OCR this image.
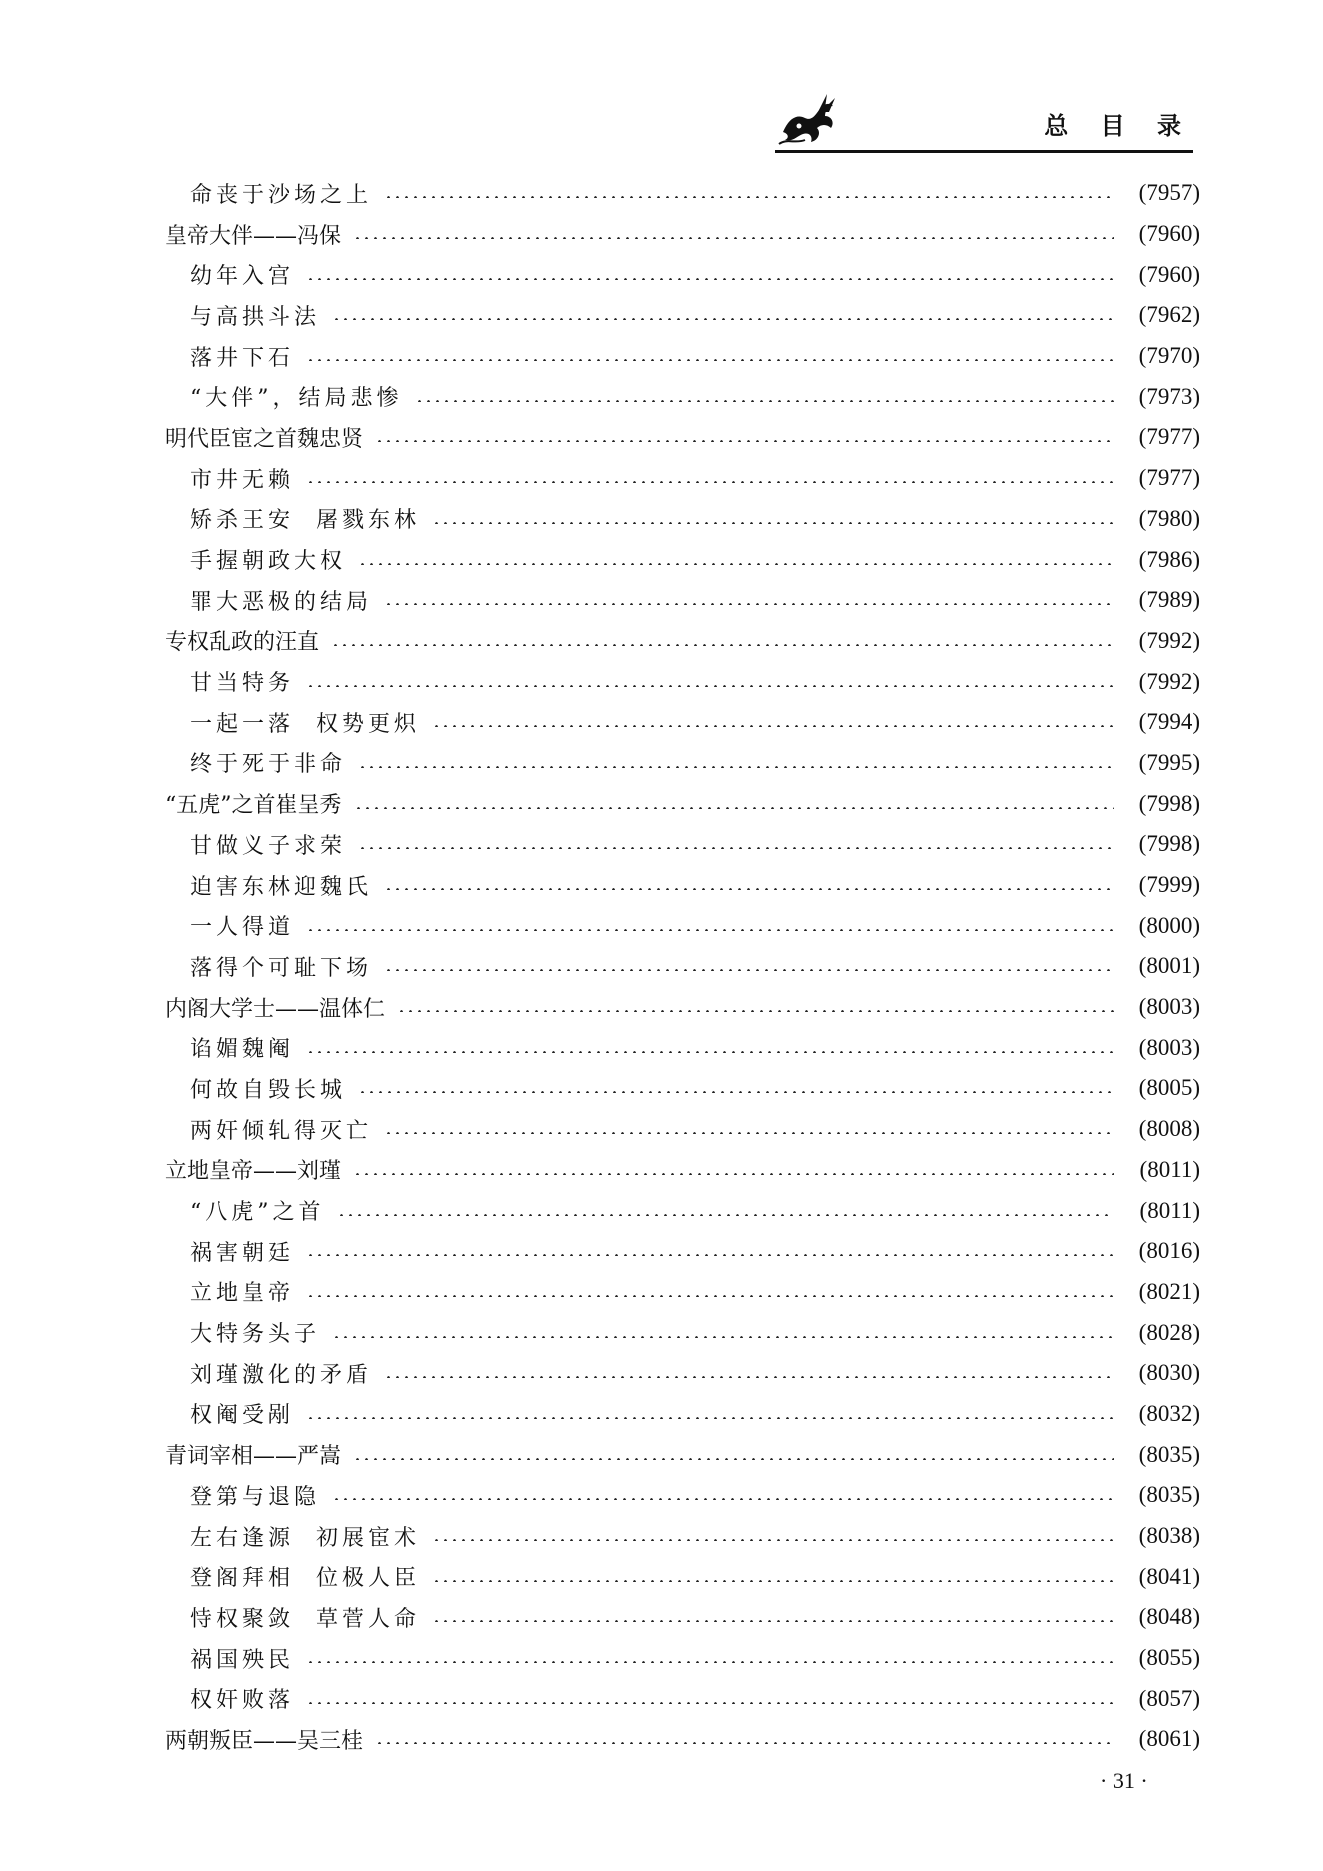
总 目 录
命丧于沙场之上	(7957)
皇帝大伴——冯保	(7960)
幼年入宫	(7960)
与高拱斗法	(7962)
落井下石	(7970)
“大伴”，结局悲惨	(7973)
明代臣宦之首魏忠贤	(7977)
市井无赖	(7977)
矫杀王安  屠戮东林	(7980)
手握朝政大权	(7986)
罪大恶极的结局	(7989)
专权乱政的汪直	(7992)
甘当特务	(7992)
一起一落  权势更炽	(7994)
终于死于非命	(7995)
“五虎”之首崔呈秀	(7998)
甘做义子求荣	(7998)
迫害东林迎魏氏	(7999)
一人得道	(8000)
落得个可耻下场	(8001)
内阁大学士——温体仁	(8003)
谄媚魏阉	(8003)
何故自毁长城	(8005)
两奸倾轧得灭亡	(8008)
立地皇帝——刘瑾	(8011)
“八虎”之首	(8011)
祸害朝廷	(8016)
立地皇帝	(8021)
大特务头子	(8028)
刘瑾激化的矛盾	(8030)
权阉受剐	(8032)
青词宰相——严嵩	(8035)
登第与退隐	(8035)
左右逢源  初展宦术	(8038)
登阁拜相  位极人臣	(8041)
恃权聚敛  草菅人命	(8048)
祸国殃民	(8055)
权奸败落	(8057)
两朝叛臣——吴三桂	(8061)
· 31 ·
